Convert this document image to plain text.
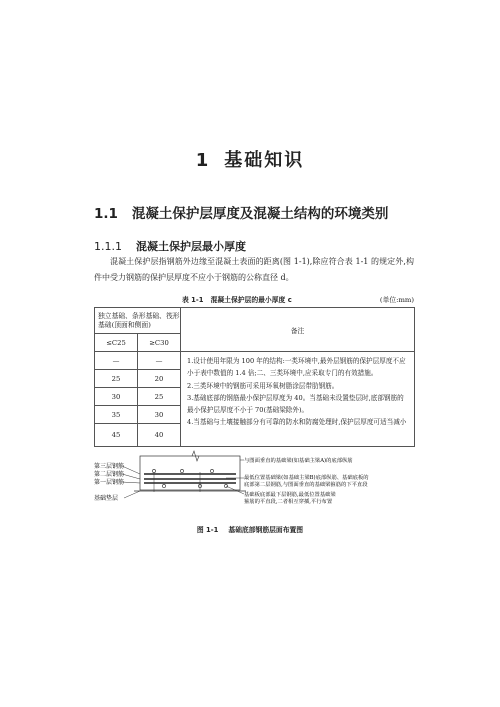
1 基础知识
1.1 混凝土保护层厚度及混凝土结构的环境类别
1.1.1 混凝土保护层最小厚度
混凝土保护层指钢筋外边缘至混凝土表面的距离(图 1-1),除应符合表 1-1 的规定外,构件中受力钢筋的保护层厚度不应小于钢筋的公称直径 d。
表 1-1 混凝土保护层的最小厚度 c	(单位:mm)
独立基础、条形基础、筏形基础(顶面和侧面)		备注
≤C25	≥C30	
—	—	1.设计使用年限为 100 年的结构:一类环境中,最外层钢筋的保护层厚度不应小于表中数值的 1.4 倍;二、三类环境中,应采取专门的有效措施。
2.三类环境中的钢筋可采用环氧树脂涂层带肋钢筋。
3.基础底部的钢筋最小保护层厚度为 40。当基础未设置垫层时,底部钢筋的最小保护层厚度不小于 70(基础梁除外)。
4.当基础与土壤接触部分有可靠的防水和防腐处理时,保护层厚度可适当减小

25	20	
30	25	
35	30	
45	40	
第三层钢筋
第二层钢筋
第一层钢筋
基础垫层
与图面垂直的基础梁(如基础主梁A)的底部纵筋
最低位置基础梁(如基础主梁B)底部纵筋、基础底板的
底部第二层钢筋,与图面垂直的基础梁箍筋的下平直段
基础板底部最下层钢筋,最低位置基础梁
箍筋的平直段,二者相互穿插,平行布置
图 1-1 基础底部钢筋层面布置图
